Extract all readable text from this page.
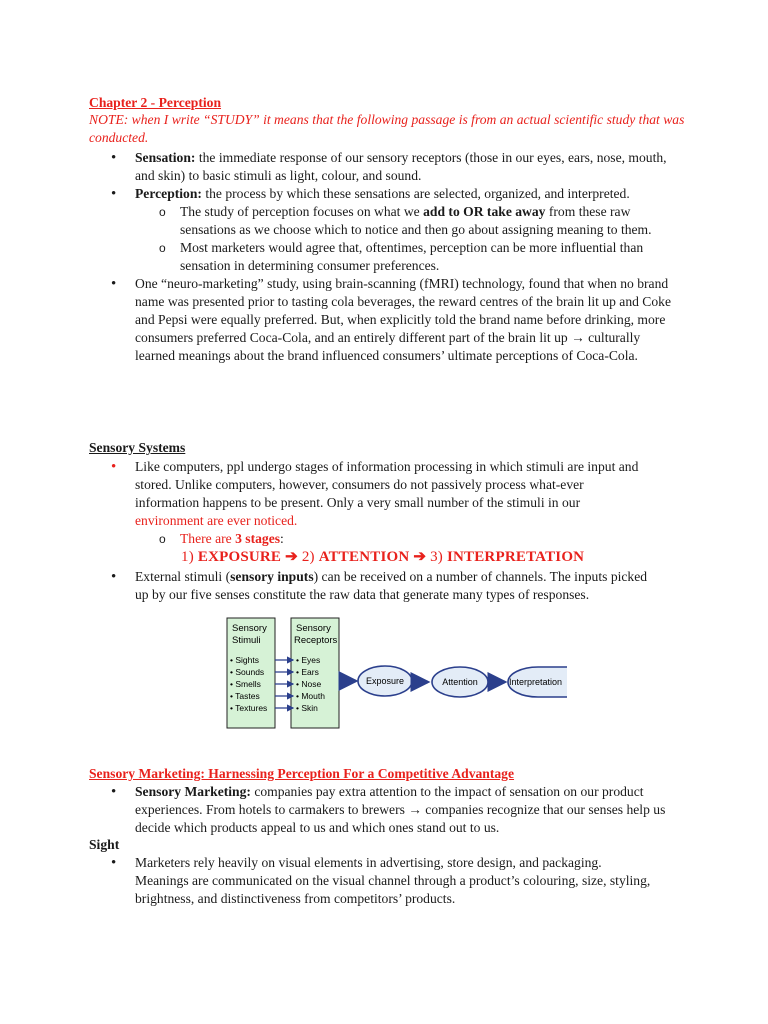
Chapter 2 - Perception
NOTE: when I write “STUDY” it means that the following passage is from an actual scientific study that was conducted.
• Sensation: the immediate response of our sensory receptors (those in our eyes, ears, nose, mouth, and skin) to basic stimuli as light, colour, and sound.
• Perception: the process by which these sensations are selected, organized, and interpreted.
o The study of perception focuses on what we add to OR take away from these raw sensations as we choose which to notice and then go about assigning meaning to them.
o Most marketers would agree that, oftentimes, perception can be more influential than sensation in determining consumer preferences.
• One “neuro-marketing” study, using brain-scanning (fMRI) technology, found that when no brand name was presented prior to tasting cola beverages, the reward centres of the brain lit up and Coke and Pepsi were equally preferred. But, when explicitly told the brand name before drinking, more consumers preferred Coca-Cola, and an entirely different part of the brain lit up → culturally learned meanings about the brand influenced consumers’ ultimate perceptions of Coca-Cola.
Sensory Systems
• Like computers, ppl undergo stages of information processing in which stimuli are input and stored. Unlike computers, however, consumers do not passively process what-ever information happens to be present. Only a very small number of the stimuli in our environment are ever noticed.
o There are 3 stages:
1) EXPOSURE ➔ 2) ATTENTION ➔ 3) INTERPRETATION
• External stimuli (sensory inputs) can be received on a number of channels. The inputs picked up by our five senses constitute the raw data that generate many types of responses.
Sensory
Stimuli
• Sights
• Sounds
• Smells
• Tastes
• Textures
Sensory
Receptors
• Eyes
• Ears
• Nose
• Mouth
• Skin
Exposure	Attention	Interpretation
Sensory Marketing: Harnessing Perception For a Competitive Advantage
• Sensory Marketing: companies pay extra attention to the impact of sensation on our product experiences. From hotels to carmakers to brewers → companies recognize that our senses help us decide which products appeal to us and which ones stand out to us.
Sight
• Marketers rely heavily on visual elements in advertising, store design, and packaging. Meanings are communicated on the visual channel through a product’s colouring, size, styling, brightness, and distinctiveness from competitors’ products.
